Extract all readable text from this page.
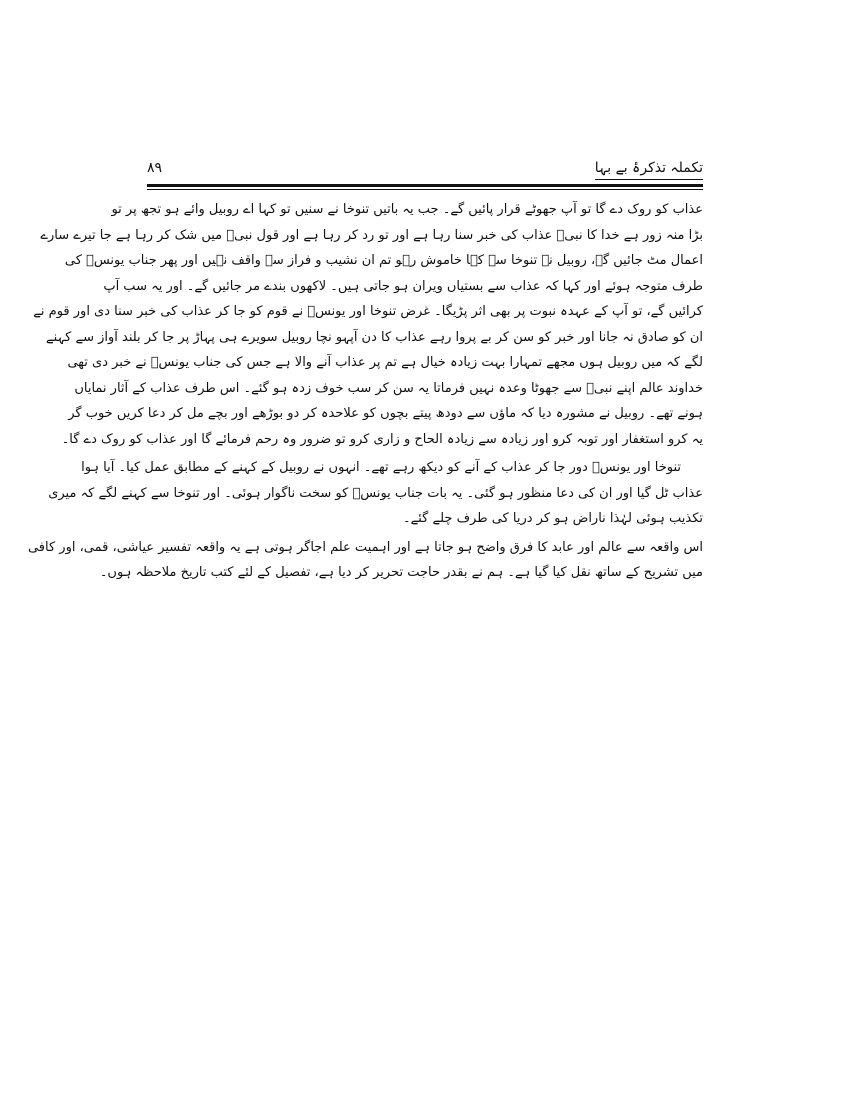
تکملہ تذکرۂ بے بہا
۸۹
عذاب کو روک دے گا تو آپ جھوٹے قرار پائیں گے۔ جب یہ باتیں تنوخا نے سنیں تو کہا اے روبیل وائے ہو تجھ پر تو
بڑا منہ زور ہے خدا کا نبیؑ عذاب کی خبر سنا رہا ہے اور تو رد کر رہا ہے اور قول نبیؑ میں شک کر رہا ہے جا تیرے سارے
اعمال مٹ جائیں گے، روبیل نے تنوخا سے کہا خاموش رہو تم ان نشیب و فراز سے واقف نہیں اور پھر جناب یونسؑ کی
طرف متوجہ ہوئے اور کہا کہ عذاب سے بستیاں ویران ہو جاتی ہیں۔ لاکھوں بندے مر جائیں گے۔ اور یہ سب آپ
کرائیں گے، تو آپ کے عہدہ نبوت پر بھی اثر پڑیگا۔ غرض تنوخا اور یونسؑ نے قوم کو جا کر عذاب کی خبر سنا دی اور قوم نے
ان کو صادق نہ جانا اور خبر کو سن کر بے پروا رہے عذاب کا دن آپہو نچا روبیل سویرے ہی پہاڑ پر جا کر بلند آواز سے کہنے
لگے کہ میں روبیل ہوں مجھے تمہارا بہت زیادہ خیال ہے تم پر عذاب آنے والا ہے جس کی جناب یونسؑ نے خبر دی تھی
خداوند عالم اپنے نبیؑ سے جھوٹا وعدہ نہیں فرماتا یہ سن کر سب خوف زدہ ہو گئے۔ اس طرف عذاب کے آثار نمایاں
ہونے تھے۔ روبیل نے مشورہ دیا کہ ماؤں سے دودھ پیتے بچوں کو علاحدہ کر دو بوڑھے اور بچے مل کر دعا کریں خوب گر
یہ کرو استغفار اور توبہ کرو اور زیادہ سے زیادہ الحاح و زاری کرو تو ضرور وہ رحم فرمائے گا اور عذاب کو روک دے گا۔
تنوخا اور یونسؑ دور جا کر عذاب کے آنے کو دیکھ رہے تھے۔ انہوں نے روبیل کے کہنے کے مطابق عمل کیا۔ آیا ہوا
عذاب ٹل گیا اور ان کی دعا منظور ہو گئی۔ یہ بات جناب یونسؑ کو سخت ناگوار ہوئی۔ اور تنوخا سے کہنے لگے کہ میری
تکذیب ہوئی لہٰذا ناراض ہو کر دریا کی طرف چلے گئے۔
اس واقعہ سے عالم اور عابد کا فرق واضح ہو جاتا ہے اور اہمیت علم اجاگر ہوتی ہے یہ واقعہ تفسیر عیاشی، قمی، اور کافی
میں تشریح کے ساتھ نقل کیا گیا ہے۔ ہم نے بقدر حاجت تحریر کر دیا ہے، تفصیل کے لئے کتب تاریخ ملاحظہ ہوں۔
